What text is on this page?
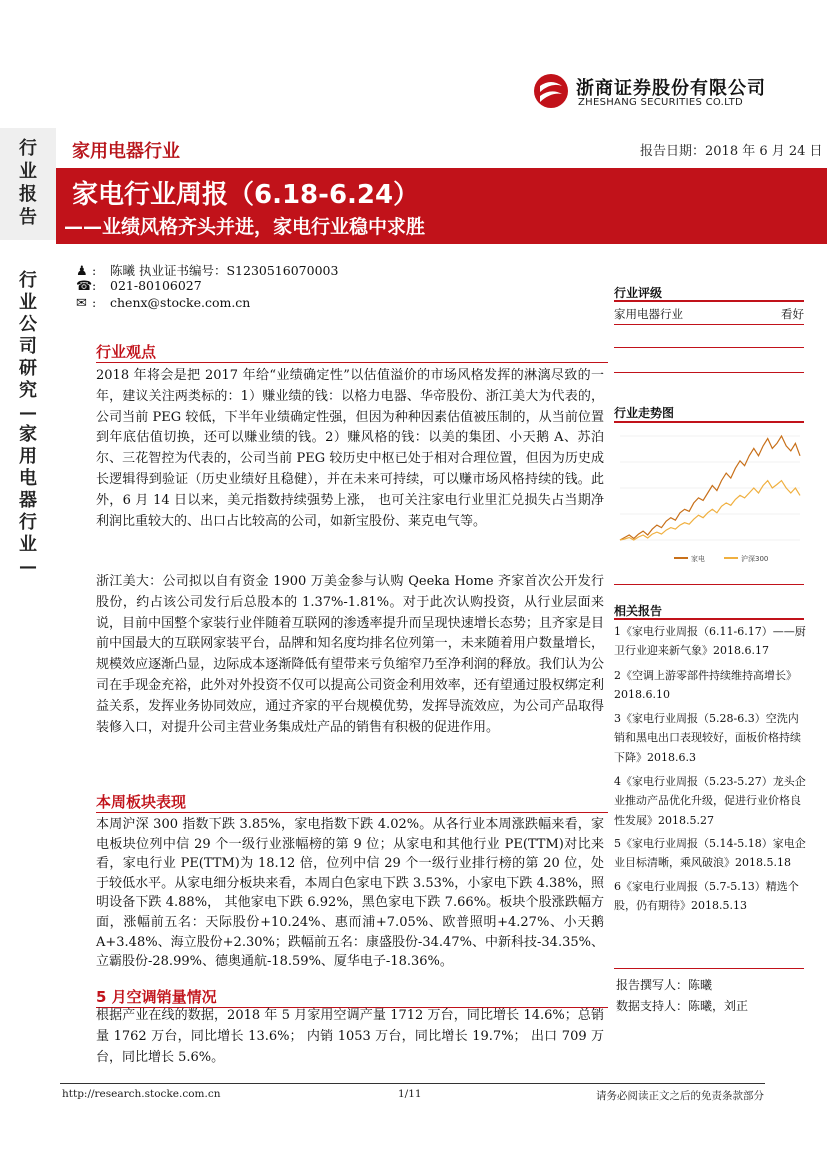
浙商证券股份有限公司
ZHESHANG SECURITIES CO.LTD
行
业
报
告
行
业
公
司
研
究
—
家
用
电
器
行
业
—
家用电器行业	报告日期：2018 年 6 月 24 日
家电行业周报（6.18-6.24）
——业绩风格齐头并进，家电行业稳中求胜
♟ : 陈曦 执业证书编号：S1230516070003
☎: 021-80106027
✉ : chenx@stocke.com.cn
行业观点
2018 年将会是把 2017 年给“业绩确定性”以估值溢价的市场风格发挥的淋漓尽致的一年，建议关注两类标的：1）赚业绩的钱：以格力电器、华帝股份、浙江美大为代表的，公司当前 PEG 较低，下半年业绩确定性强，但因为种种因素估值被压制的，从当前位置到年底估值切换，还可以赚业绩的钱。2）赚风格的钱：以美的集团、小天鹅 A、苏泊尔、三花智控为代表的，公司当前 PEG 较历史中枢已处于相对合理位置，但因为历史成长逻辑得到验证（历史业绩好且稳健），并在未来可持续，可以赚市场风格持续的钱。此外，6 月 14 日以来，美元指数持续强势上涨， 也可关注家电行业里汇兑损失占当期净利润比重较大的、出口占比较高的公司，如新宝股份、莱克电气等。
浙江美大：公司拟以自有资金 1900 万美金参与认购 Qeeka Home 齐家首次公开发行股份，约占该公司发行后总股本的 1.37%-1.81%。对于此次认购投资，从行业层面来说，目前中国整个家装行业伴随着互联网的渗透率提升而呈现快速增长态势；且齐家是目前中国最大的互联网家装平台，品牌和知名度均排名位列第一，未来随着用户数量增长，规模效应逐渐凸显，边际成本逐渐降低有望带来亏负缩窄乃至净利润的释放。我们认为公司在手现金充裕，此外对外投资不仅可以提高公司资金利用效率，还有望通过股权绑定利益关系，发挥业务协同效应，通过齐家的平台规模优势，发挥导流效应，为公司产品取得装修入口，对提升公司主营业务集成灶产品的销售有积极的促进作用。
本周板块表现
本周沪深 300 指数下跌 3.85%，家电指数下跌 4.02%。从各行业本周涨跌幅来看，家电板块位列中信 29 个一级行业涨幅榜的第 9 位；从家电和其他行业 PE(TTM)对比来看，家电行业 PE(TTM)为 18.12 倍，位列中信 29 个一级行业排行榜的第 20 位，处于较低水平。从家电细分板块来看，本周白色家电下跌 3.53%，小家电下跌 4.38%，照明设备下跌 4.88%， 其他家电下跌 6.92%，黑色家电下跌 7.66%。板块个股涨跌幅方面，涨幅前五名：天际股份+10.24%、惠而浦+7.05%、欧普照明+4.27%、小天鹅 A+3.48%、海立股份+2.30%；跌幅前五名：康盛股份-34.47%、中新科技-34.35%、立霸股份-28.99%、德奥通航-18.59%、厦华电子-18.36%。
5 月空调销量情况
根据产业在线的数据，2018 年 5 月家用空调产量 1712 万台，同比增长 14.6%；总销量 1762 万台，同比增长 13.6%； 内销 1053 万台，同比增长 19.7%； 出口 709 万台，同比增长 5.6%。
行业评级
家用电器行业	看好
行业走势图
家电	沪深300
相关报告
1《家电行业周报（6.11-6.17）——厨卫行业迎来新气象》2018.6.17
2《空调上游零部件持续维持高增长》2018.6.10
3《家电行业周报（5.28-6.3）空洗内销和黑电出口表现较好，面板价格持续下降》2018.6.3
4《家电行业周报（5.23-5.27）龙头企业推动产品优化升级，促进行业价格良性发展》2018.5.27
5《家电行业周报（5.14-5.18）家电企业目标清晰，乘风破浪》2018.5.18
6《家电行业周报（5.7-5.13）精选个股，仍有期待》2018.5.13
报告撰写人：陈曦
数据支持人：陈曦，刘正
http://research.stocke.com.cn	1/11	请务必阅读正文之后的免责条款部分
